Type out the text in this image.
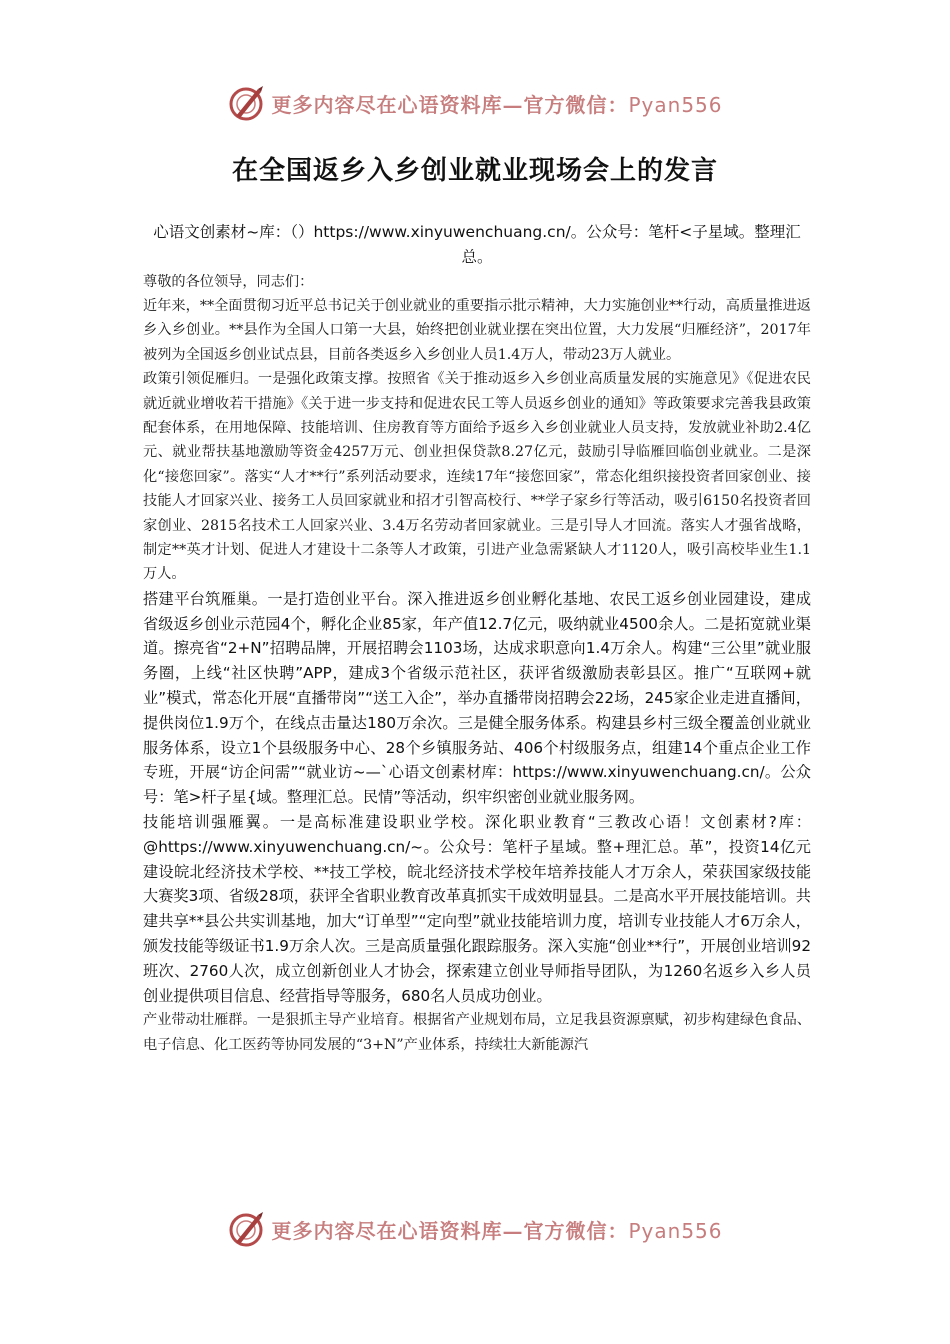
更多内容尽在心语资料库—官方微信：Pyan556
在全国返乡入乡创业就业现场会上的发言
心语文创素材~库：（）https://www.xinyuwenchuang.cn/。公众号：笔杆<子星域。整理汇总。

尊敬的各位领导，同志们：

近年来，**全面贯彻习近平总书记关于创业就业的重要指示批示精神，大力实施创业**行动，高质量推进返乡入乡创业。**县作为全国人口第一大县，始终把创业就业摆在突出位置，大力发展“归雁经济”，2017年被列为全国返乡创业试点县，目前各类返乡入乡创业人员1.4万人，带动23万人就业。

政策引领促雁归。一是强化政策支撑。按照省《关于推动返乡入乡创业高质量发展的实施意见》《促进农民就近就业增收若干措施》《关于进一步支持和促进农民工等人员返乡创业的通知》等政策要求完善我县政策配套体系，在用地保障、技能培训、住房教育等方面给予返乡入乡创业就业人员支持，发放就业补助2.4亿元、就业帮扶基地激励等资金4257万元、创业担保贷款8.27亿元，鼓励引导临雁回临创业就业。二是深化“接您回家”。落实“人才**行”系列活动要求，连续17年“接您回家”，常态化组织接投资者回家创业、接技能人才回家兴业、接务工人员回家就业和招才引智高校行、**学子家乡行等活动，吸引6150名投资者回家创业、2815名技术工人回家兴业、3.4万名劳动者回家就业。三是引导人才回流。落实人才强省战略，制定**英才计划、促进人才建设十二条等人才政策，引进产业急需紧缺人才1120人，吸引高校毕业生1.1万人。

搭建平台筑雁巢。一是打造创业平台。深入推进返乡创业孵化基地、农民工返乡创业园建设，建成省级返乡创业示范园4个，孵化企业85家，年产值12.7亿元，吸纳就业4500余人。二是拓宽就业渠道。擦亮省“2+N”招聘品牌，开展招聘会1103场，达成求职意向1.4万余人。构建“三公里”就业服务圈，上线“社区快聘”APP，建成3个省级示范社区，获评省级激励表彰县区。推广“互联网+就业”模式，常态化开展“直播带岗”“送工入企”，举办直播带岗招聘会22场，245家企业走进直播间，提供岗位1.9万个，在线点击量达180万余次。三是健全服务体系。构建县乡村三级全覆盖创业就业服务体系，设立1个县级服务中心、28个乡镇服务站、406个村级服务点，组建14个重点企业工作专班，开展“访企问需”“就业访~—`心语文创素材库：https://www.xinyuwenchuang.cn/。公众号：笔>杆子星{域。整理汇总。民情”等活动，织牢织密创业就业服务网。

技能培训强雁翼。一是高标准建设职业学校。深化职业教育“三教改心语！文创素材?库：@https://www.xinyuwenchuang.cn/~。公众号：笔杆子星域。整+理汇总。革”，投资14亿元建设皖北经济技术学校、**技工学校，皖北经济技术学校年培养技能人才万余人，荣获国家级技能大赛奖3项、省级28项，获评全省职业教育改革真抓实干成效明显县。二是高水平开展技能培训。共建共享**县公共实训基地，加大“订单型”“定向型”就业技能培训力度，培训专业技能人才6万余人，颁发技能等级证书1.9万余人次。三是高质量强化跟踪服务。深入实施“创业**行”，开展创业培训92班次、2760人次，成立创新创业人才协会，探索建立创业导师指导团队，为1260名返乡入乡人员创业提供项目信息、经营指导等服务，680名人员成功创业。

产业带动壮雁群。一是狠抓主导产业培育。根据省产业规划布局，立足我县资源禀赋，初步构建绿色食品、电子信息、化工医药等协同发展的“3+N”产业体系，持续壮大新能源汽

更多内容尽在心语资料库—官方微信：Pyan556
